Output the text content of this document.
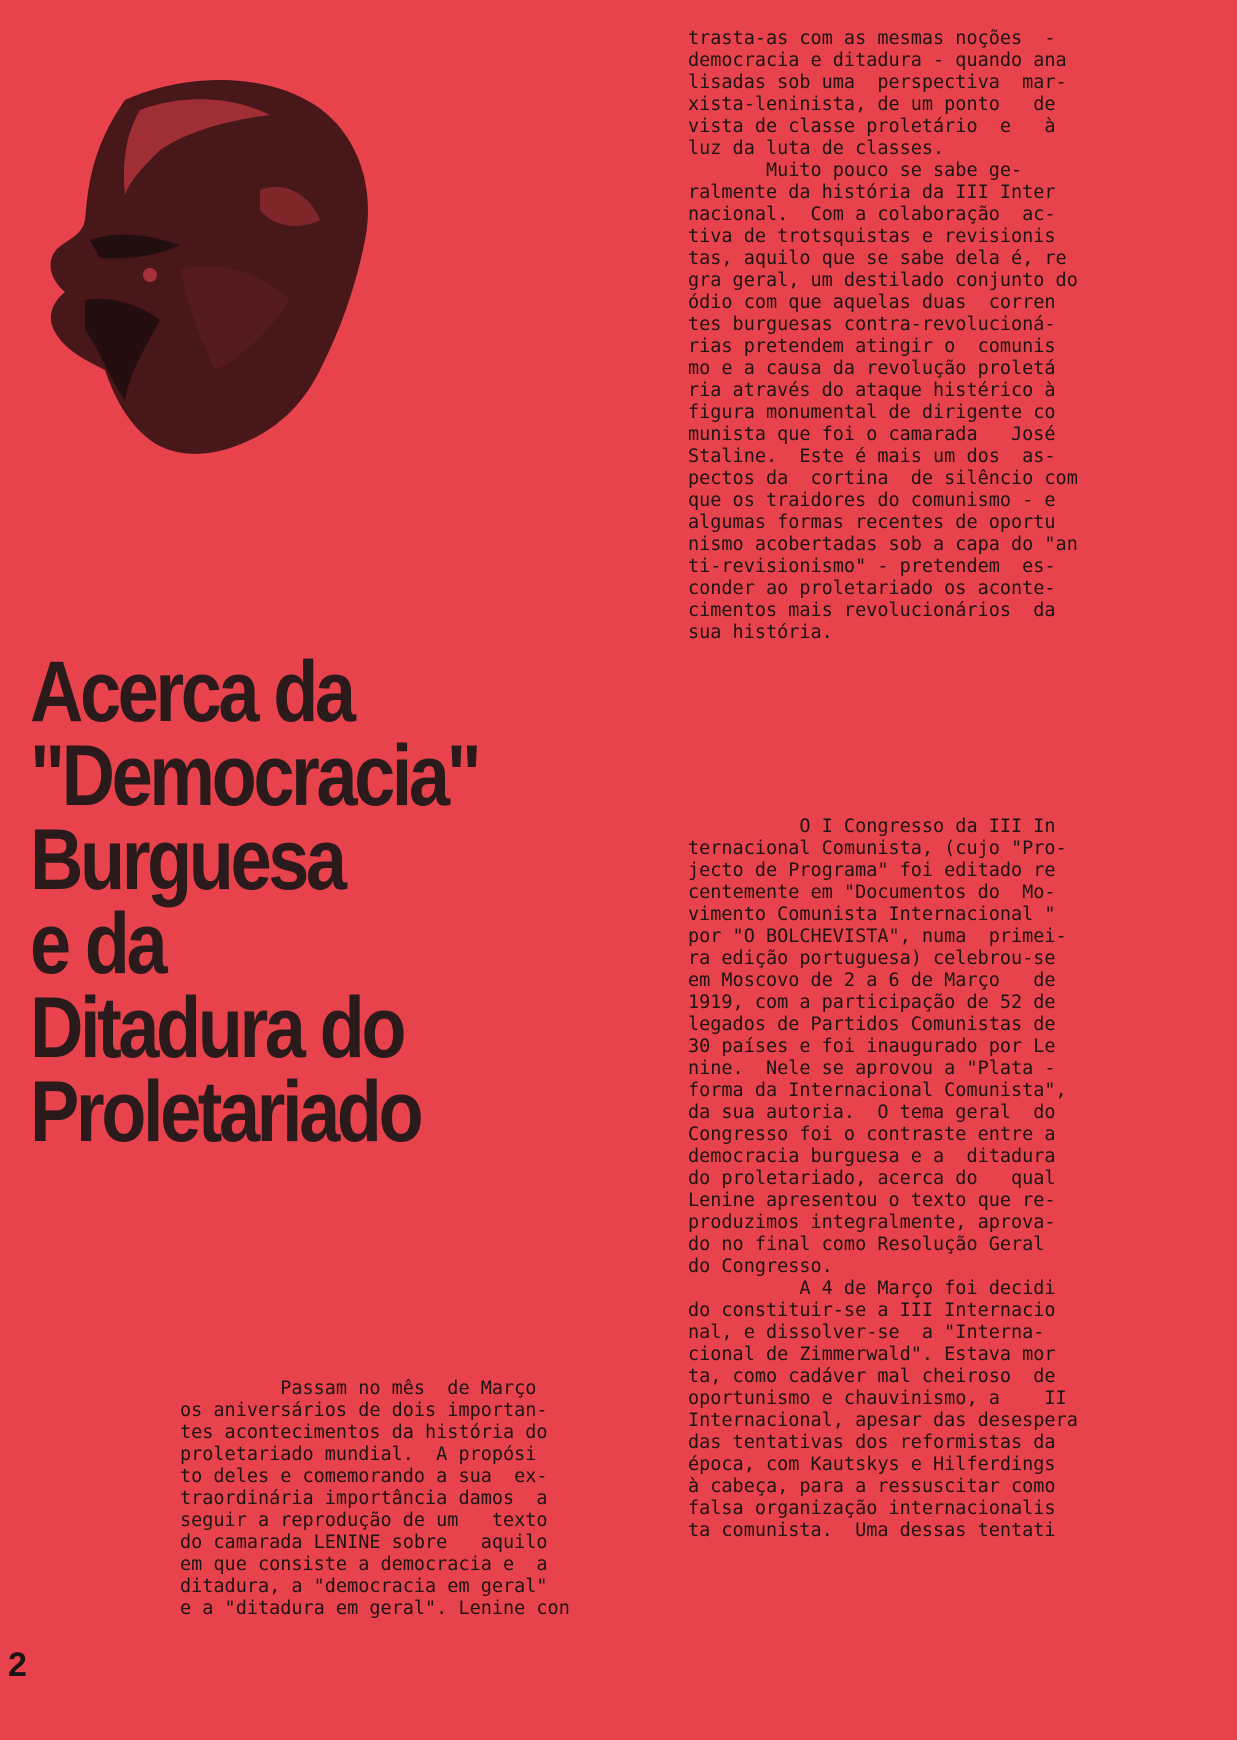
Acerca da
"Democracia"
Burguesa
e da
Ditadura do
Proletariado
trasta-as com as mesmas noções  -
democracia e ditadura - quando ana
lisadas sob uma  perspectiva  mar-
xista-leninista, de um ponto   de
vista de classe proletário  e   à
luz da luta de classes.
Muito pouco se sabe ge-
ralmente da história da III Inter
nacional.  Com a colaboração  ac-
tiva de trotsquistas e revisionis
tas, aquilo que se sabe dela é, re
gra geral, um destilado conjunto do
ódio com que aquelas duas  corren
tes burguesas contra-revolucioná-
rias pretendem atingir o  comunis
mo e a causa da revolução proletá
ria através do ataque histérico à
figura monumental de dirigente co
munista que foi o camarada   José
Staline.  Este é mais um dos  as-
pectos da  cortina  de silêncio com
que os traidores do comunismo - e
algumas formas recentes de oportu
nismo acobertadas sob a capa do "an
ti-revisionismo" - pretendem  es-
conder ao proletariado os aconte-
cimentos mais revolucionários  da
sua história.
O I Congresso da III In
ternacional Comunista, (cujo "Pro-
jecto de Programa" foi editado re
centemente em "Documentos do  Mo-
vimento Comunista Internacional "
por "O BOLCHEVISTA", numa  primei-
ra edição portuguesa) celebrou-se
em Moscovo de 2 a 6 de Março   de
1919, com a participação de 52 de
legados de Partidos Comunistas de
30 países e foi inaugurado por Le
nine.  Nele se aprovou a "Plata -
forma da Internacional Comunista",
da sua autoria.  O tema geral  do
Congresso foi o contraste entre a
democracia burguesa e a  ditadura
do proletariado, acerca do   qual
Lenine apresentou o texto que re-
produzimos integralmente, aprova-
do no final como Resolução Geral
do Congresso.
A 4 de Março foi decidi
do constituir-se a III Internacio
nal, e dissolver-se  a "Interna-
cional de Zimmerwald". Estava mor
ta, como cadáver mal cheiroso  de
oportunismo e chauvinismo, a    II
Internacional, apesar das desespera
das tentativas dos reformistas da
época, com Kautskys e Hilferdings
à cabeça, para a ressuscitar como
falsa organização internacionalis
ta comunista.  Uma dessas tentati
Passam no mês  de Março
os aniversários de dois importan-
tes acontecimentos da história do
proletariado mundial.  A propósi
to deles e comemorando a sua  ex-
traordinária importância damos  a
seguir a reprodução de um   texto
do camarada LENINE sobre   aquilo
em que consiste a democracia e  a
ditadura, a "democracia em geral"
e a "ditadura em geral". Lenine con
2
